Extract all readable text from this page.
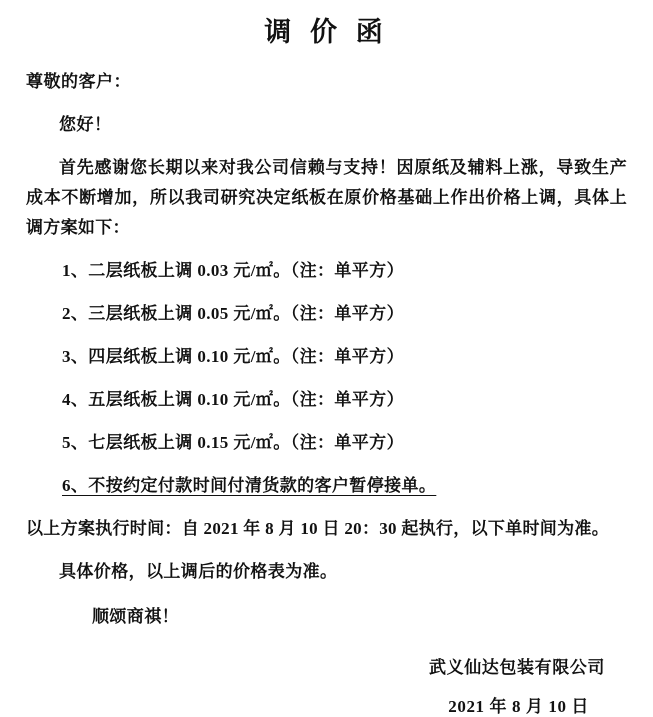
调 价 函
尊敬的客户：
您好！
首先感谢您长期以来对我公司信赖与支持！因原纸及辅料上涨，导致生产成本不断增加，所以我司研究决定纸板在原价格基础上作出价格上调，具体上调方案如下：
1、二层纸板上调 0.03 元/㎡。（注：单平方）
2、三层纸板上调 0.05 元/㎡。（注：单平方）
3、四层纸板上调 0.10 元/㎡。（注：单平方）
4、五层纸板上调 0.10 元/㎡。（注：单平方）
5、七层纸板上调 0.15 元/㎡。（注：单平方）
6、不按约定付款时间付清货款的客户暂停接单。
以上方案执行时间：自 2021 年 8 月 10 日 20：30 起执行，以下单时间为准。
具体价格，以上调后的价格表为准。
顺颂商祺！
武义仙达包装有限公司
2021 年 8 月 10 日
